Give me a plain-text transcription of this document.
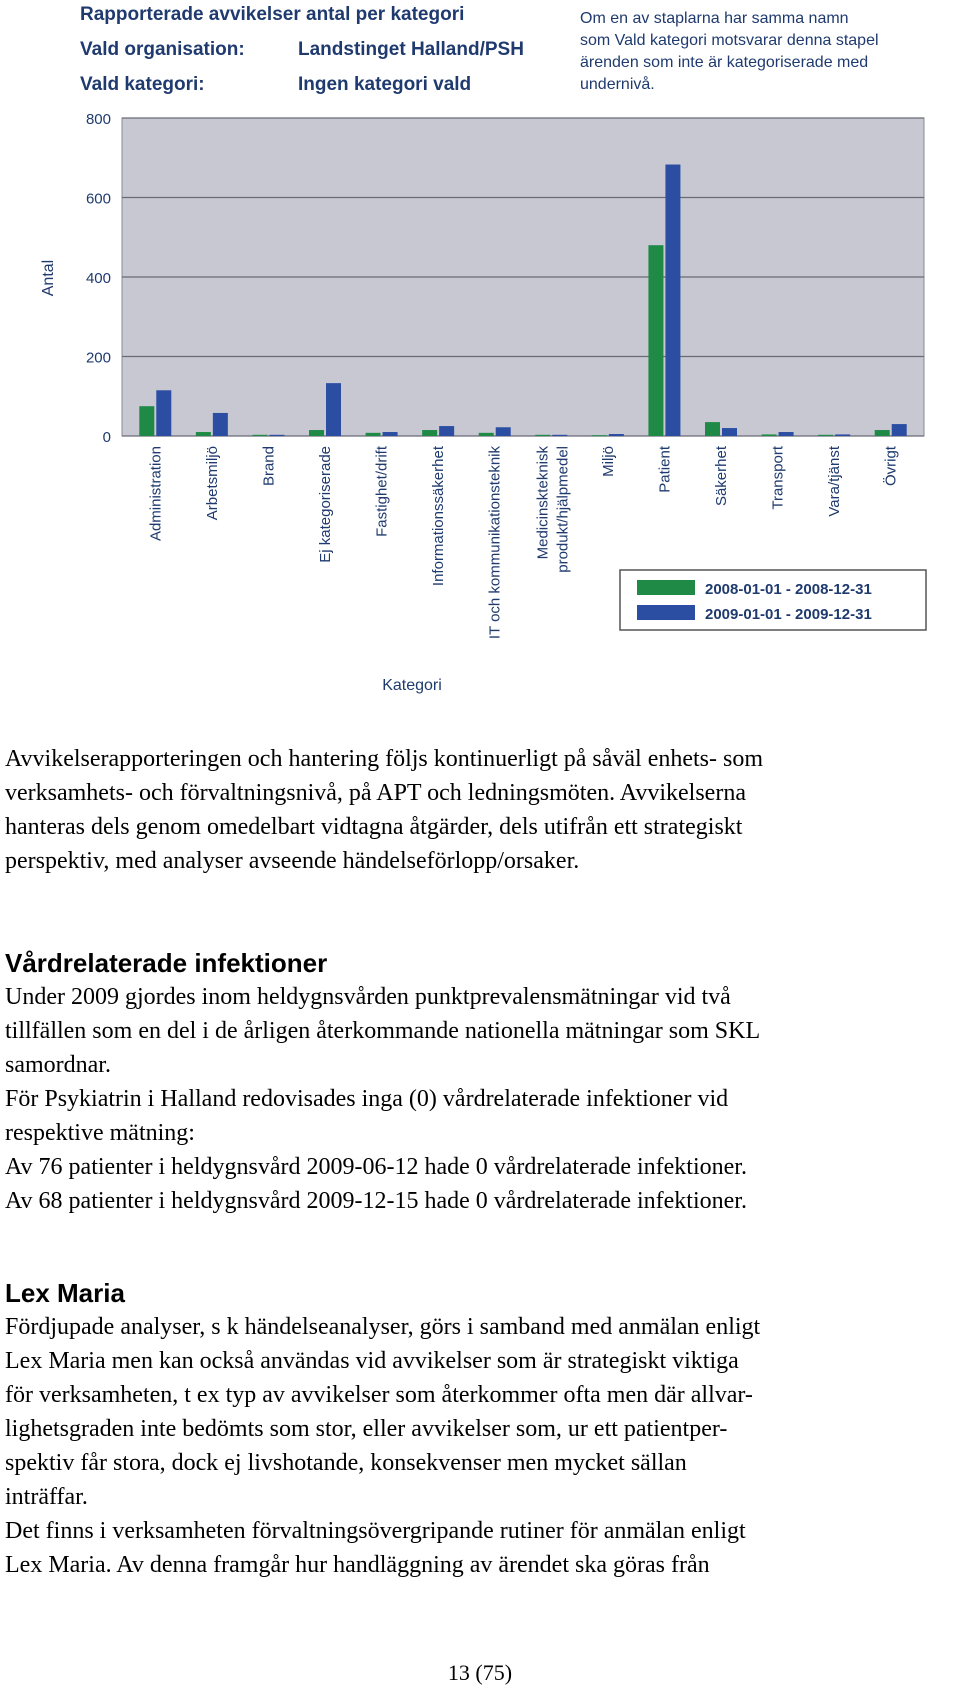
Rapporterade avvikelser antal per kategori
Vald organisation:	Landstinget Halland/PSH
Vald kategori:	Ingen kategori vald
Om en av staplarna har samma namn
som Vald kategori motsvarar denna stapel
ärenden som inte är kategoriserade med
undernivå.
0
200
400
600
800
Administration	Arbetsmiljö	Brand	Ej kategoriserade	Fastighet/drift	Informationssäkerhet	IT och kommunikationsteknik Medicinskteknisk produkt/hjälpmedel Miljö	Patient	Säkerhet	Transport	Vara/tjänst	Övrigt
Antal
Kategori
2008-01-01 - 2008-12-31
2009-01-01 - 2009-12-31

Avvikelserapporteringen och hantering följs kontinuerligt på såväl enhets- som

verksamhets- och förvaltningsnivå, på APT och ledningsmöten. Avvikelserna

hanteras dels genom omedelbart vidtagna åtgärder, dels utifrån ett strategiskt

perspektiv, med analyser avseende händelseförlopp/orsaker.

Vårdrelaterade infektioner

Under 2009 gjordes inom heldygnsvården punktprevalensmätningar vid två

tillfällen som en del i de årligen återkommande nationella mätningar som SKL

samordnar.

För Psykiatrin i Halland redovisades inga (0) vårdrelaterade infektioner vid

respektive mätning:

Av 76 patienter i heldygnsvård 2009-06-12 hade 0 vårdrelaterade infektioner.

Av 68 patienter i heldygnsvård 2009-12-15 hade 0 vårdrelaterade infektioner.

Lex Maria

Fördjupade analyser, s k händelseanalyser, görs i samband med anmälan enligt

Lex Maria men kan också användas vid avvikelser som är strategiskt viktiga

för verksamheten, t ex typ av avvikelser som återkommer ofta men där allvar-

lighetsgraden inte bedömts som stor, eller avvikelser som, ur ett patientper-

spektiv får stora, dock ej livshotande, konsekvenser men mycket sällan

inträffar.

Det finns i verksamheten förvaltningsövergripande rutiner för anmälan enligt

Lex Maria. Av denna framgår hur handläggning av ärendet ska göras från

13 (75)
